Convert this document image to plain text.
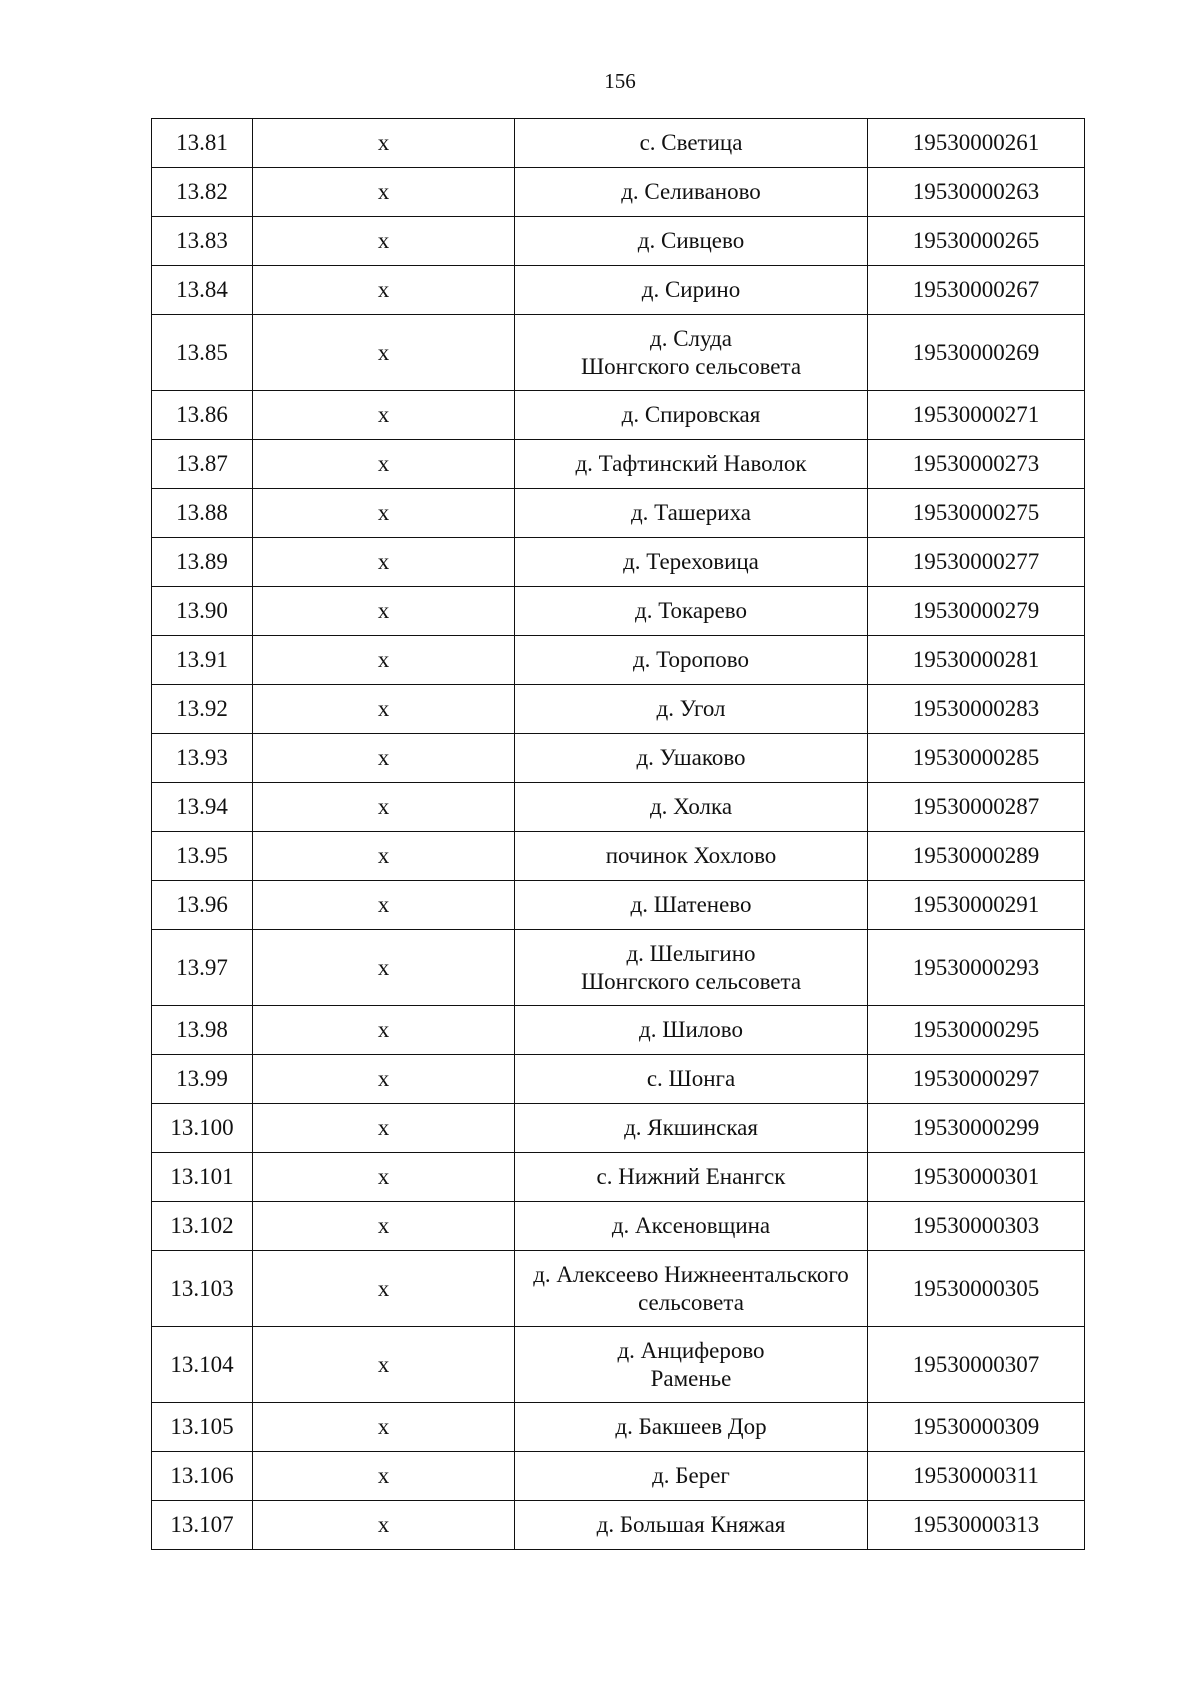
156
13.81	х	с. Светица	19530000261
13.82	х	д. Селиваново	19530000263
13.83	х	д. Сивцево	19530000265
13.84	х	д. Сирино	19530000267
13.85	х	д. Слуда
Шонгского сельсовета	19530000269
13.86	х	д. Спировская	19530000271
13.87	х	д. Тафтинский Наволок	19530000273
13.88	х	д. Ташериха	19530000275
13.89	х	д. Тереховица	19530000277
13.90	х	д. Токарево	19530000279
13.91	х	д. Торопово	19530000281
13.92	х	д. Угол	19530000283
13.93	х	д. Ушаково	19530000285
13.94	х	д. Холка	19530000287
13.95	х	починок Хохлово	19530000289
13.96	х	д. Шатенево	19530000291
13.97	х	д. Шелыгино
Шонгского сельсовета	19530000293
13.98	х	д. Шилово	19530000295
13.99	х	с. Шонга	19530000297
13.100	х	д. Якшинская	19530000299
13.101	х	с. Нижний Енангск	19530000301
13.102	х	д. Аксеновщина	19530000303
13.103	х	д. Алексеево Нижнеентальского
сельсовета	19530000305
13.104	х	д. Анциферово
Раменье	19530000307
13.105	х	д. Бакшеев Дор	19530000309
13.106	х	д. Берег	19530000311
13.107	х	д. Большая Княжая	19530000313
